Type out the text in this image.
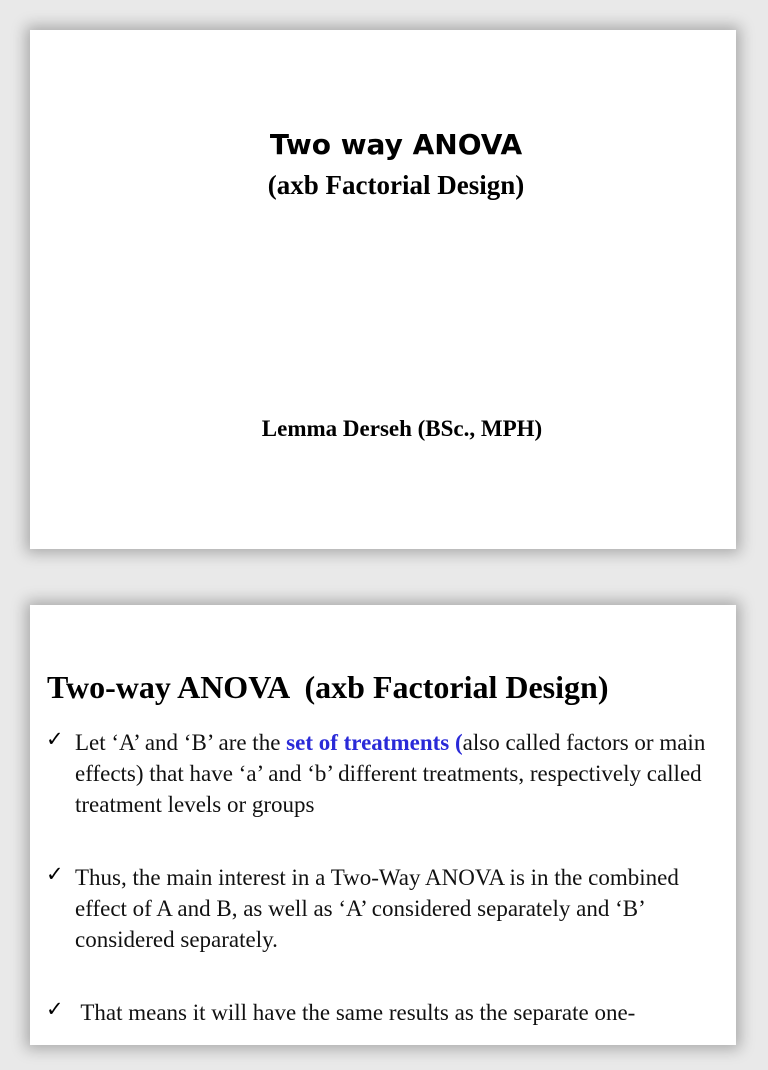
Two way ANOVA
(axb Factorial Design)
Lemma Derseh (BSc., MPH)
Two-way ANOVA  (axb Factorial Design)
✓ Let ‘A’ and ‘B’ are the set of treatments (also called factors or main effects) that have ‘a’ and ‘b’ different treatments, respectively called treatment levels or groups
✓ Thus, the main interest in a Two-Way ANOVA is in the combined effect of A and B, as well as ‘A’ considered separately and ‘B’ considered separately.
✓ That means it will have the same results as the separate one-
